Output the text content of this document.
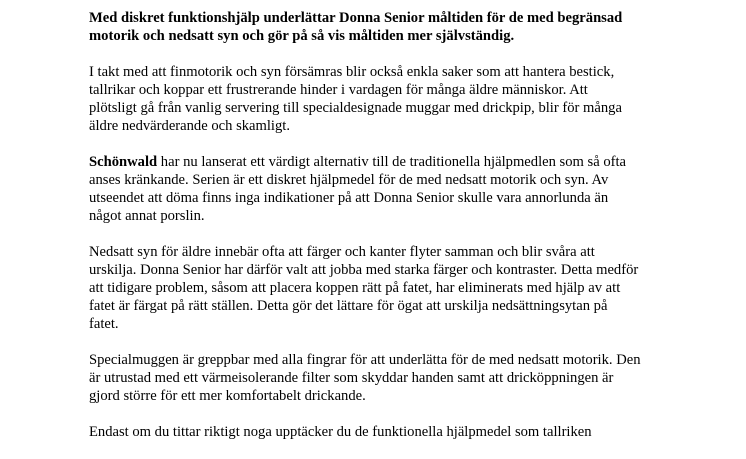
Med diskret funktionshjälp underlättar Donna Senior måltiden för de med begränsad
motorik och nedsatt syn och gör på så vis måltiden mer självständig.
I takt med att finmotorik och syn försämras blir också enkla saker som att hantera bestick,
tallrikar och koppar ett frustrerande hinder i vardagen för många äldre människor. Att
plötsligt gå från vanlig servering till specialdesignade muggar med drickpip, blir för många
äldre nedvärderande och skamligt.
Schönwald har nu lanserat ett värdigt alternativ till de traditionella hjälpmedlen som så ofta
anses kränkande. Serien är ett diskret hjälpmedel för de med nedsatt motorik och syn. Av
utseendet att döma finns inga indikationer på att Donna Senior skulle vara annorlunda än
något annat porslin.
Nedsatt syn för äldre innebär ofta att färger och kanter flyter samman och blir svåra att
urskilja. Donna Senior har därför valt att jobba med starka färger och kontraster. Detta medför
att tidigare problem, såsom att placera koppen rätt på fatet, har eliminerats med hjälp av att
fatet är färgat på rätt ställen. Detta gör det lättare för ögat att urskilja nedsättningsytan på
fatet.
Specialmuggen är greppbar med alla fingrar för att underlätta för de med nedsatt motorik. Den
är utrustad med ett värmeisolerande filter som skyddar handen samt att dricköppningen är
gjord större för ett mer komfortabelt drickande.
Endast om du tittar riktigt noga upptäcker du de funktionella hjälpmedel som tallriken
